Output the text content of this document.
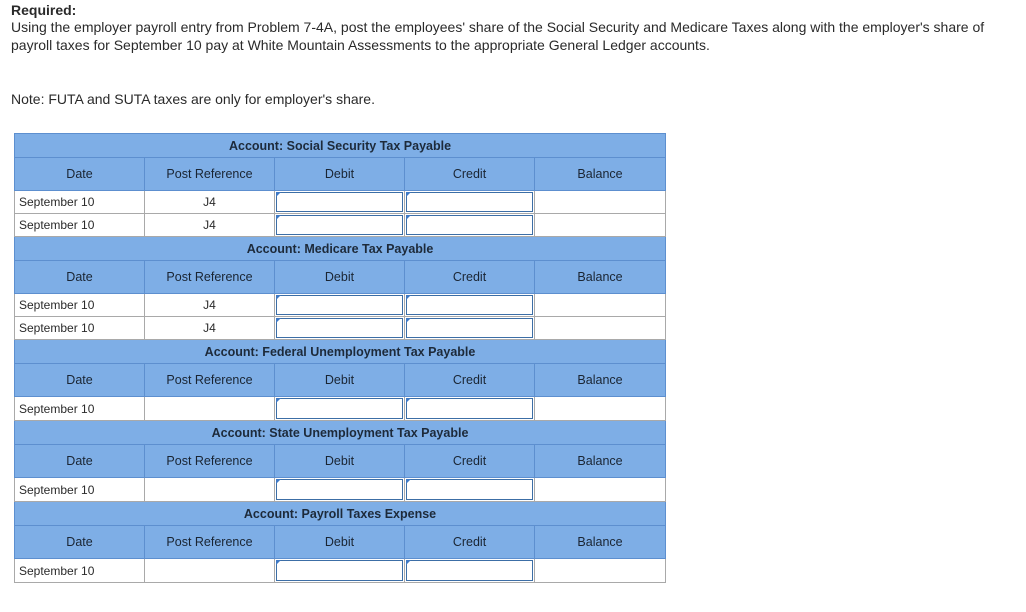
Required:
Using the employer payroll entry from Problem 7-4A, post the employees' share of the Social Security and Medicare Taxes along with the employer's share of payroll taxes for September 10 pay at White Mountain Assessments to the appropriate General Ledger accounts.
Note: FUTA and SUTA taxes are only for employer's share.
Account: Social Security Tax Payable				
Date	Post Reference	Debit	Credit	Balance
September 10	J4	

September 10	J4	

Account: Medicare Tax Payable				
Date	Post Reference	Debit	Credit	Balance
September 10	J4	

September 10	J4	

Account: Federal Unemployment Tax Payable				
Date	Post Reference	Debit	Credit	Balance
September 10		

Account: State Unemployment Tax Payable				
Date	Post Reference	Debit	Credit	Balance
September 10		

Account: Payroll Taxes Expense				
Date	Post Reference	Debit	Credit	Balance
September 10		
